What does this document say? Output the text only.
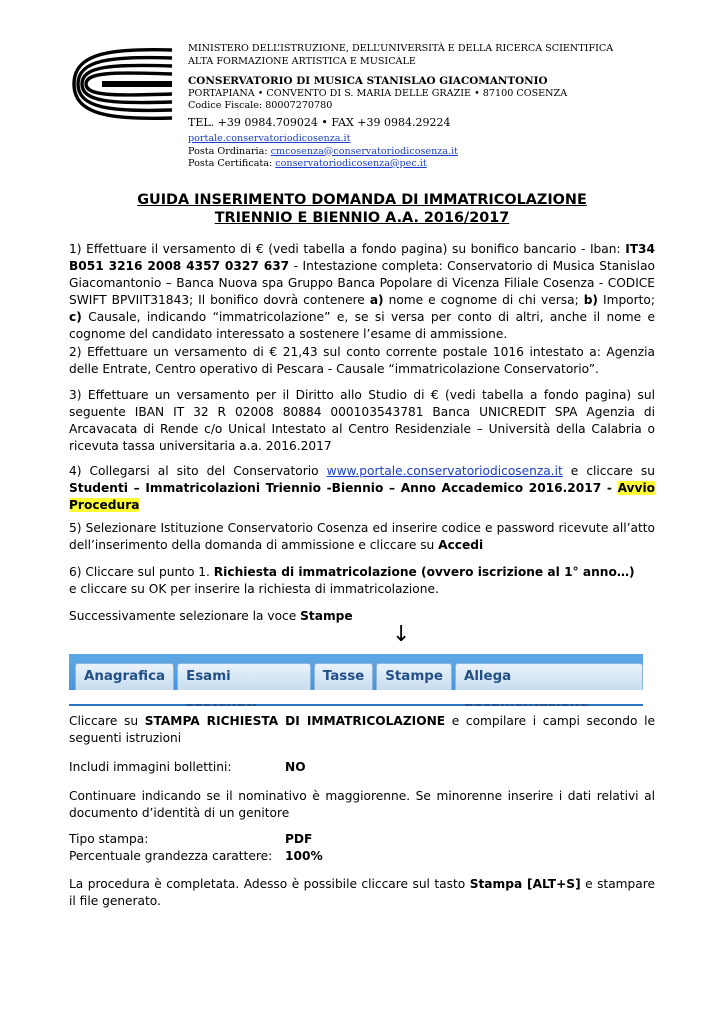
MINISTERO DELL’ISTRUZIONE, DELL’UNIVERSITÀ E DELLA RICERCA SCIENTIFICA
ALTA FORMAZIONE ARTISTICA E MUSICALE
CONSERVATORIO DI MUSICA STANISLAO GIACOMANTONIO
PORTAPIANA • CONVENTO DI S. MARIA DELLE GRAZIE • 87100 COSENZA
Codice Fiscale: 80007270780
TEL. +39 0984.709024 • FAX +39 0984.29224
portale.conservatoriodicosenza.it
Posta Ordinaria: cmcosenza@conservatoriodicosenza.it
Posta Certificata: conservatoriodicosenza@pec.it
GUIDA INSERIMENTO DOMANDA DI IMMATRICOLAZIONE
TRIENNIO E BIENNIO A.A. 2016/2017
1) Effettuare il versamento di € (vedi tabella a fondo pagina) su bonifico bancario - Iban: IT34 B051 3216 2008 4357 0327 637 - Intestazione completa: Conservatorio di Musica Stanislao Giacomantonio – Banca Nuova spa Gruppo Banca Popolare di Vicenza Filiale Cosenza - CODICE SWIFT BPVIIT31843; Il bonifico dovrà contenere a) nome e cognome di chi versa; b) Importo; c) Causale, indicando “immatricolazione” e, se si versa per conto di altri, anche il nome e cognome del candidato interessato a sostenere l’esame di ammissione.
2) Effettuare un versamento di € 21,43 sul conto corrente postale 1016 intestato a: Agenzia delle Entrate, Centro operativo di Pescara - Causale “immatricolazione Conservatorio”.
3) Effettuare un versamento per il Diritto allo Studio di € (vedi tabella a fondo pagina) sul seguente IBAN IT 32 R 02008 80884 000103543781 Banca UNICREDIT SPA Agenzia di Arcavacata di Rende c/o Unical Intestato al Centro Residenziale – Università della Calabria o ricevuta tassa universitaria a.a. 2016.2017
4) Collegarsi al sito del Conservatorio www.portale.conservatoriodicosenza.it e cliccare su Studenti – Immatricolazioni Triennio -Biennio – Anno Accademico 2016.2017 - Avvio Procedura
5) Selezionare Istituzione Conservatorio Cosenza ed inserire codice e password ricevute all’atto dell’inserimento della domanda di ammissione e cliccare su Accedi
6) Cliccare sul punto 1. Richiesta di immatricolazione (ovvero iscrizione al 1° anno…)
e cliccare su OK per inserire la richiesta di immatricolazione.
Successivamente selezionare la voce Stampe
↓
Anagrafica	Esami	Tasse	Stampe	Allega
Cliccare su STAMPA RICHIESTA DI IMMATRICOLAZIONE e compilare i campi secondo le seguenti istruzioni
Includi immagini bollettini:	NO
Continuare indicando se il nominativo è maggiorenne. Se minorenne inserire i dati relativi al documento d’identità di un genitore
Tipo stampa:	PDF
Percentuale grandezza carattere: 100%
La procedura è completata. Adesso è possibile cliccare sul tasto Stampa [ALT+S] e stampare il file generato.
